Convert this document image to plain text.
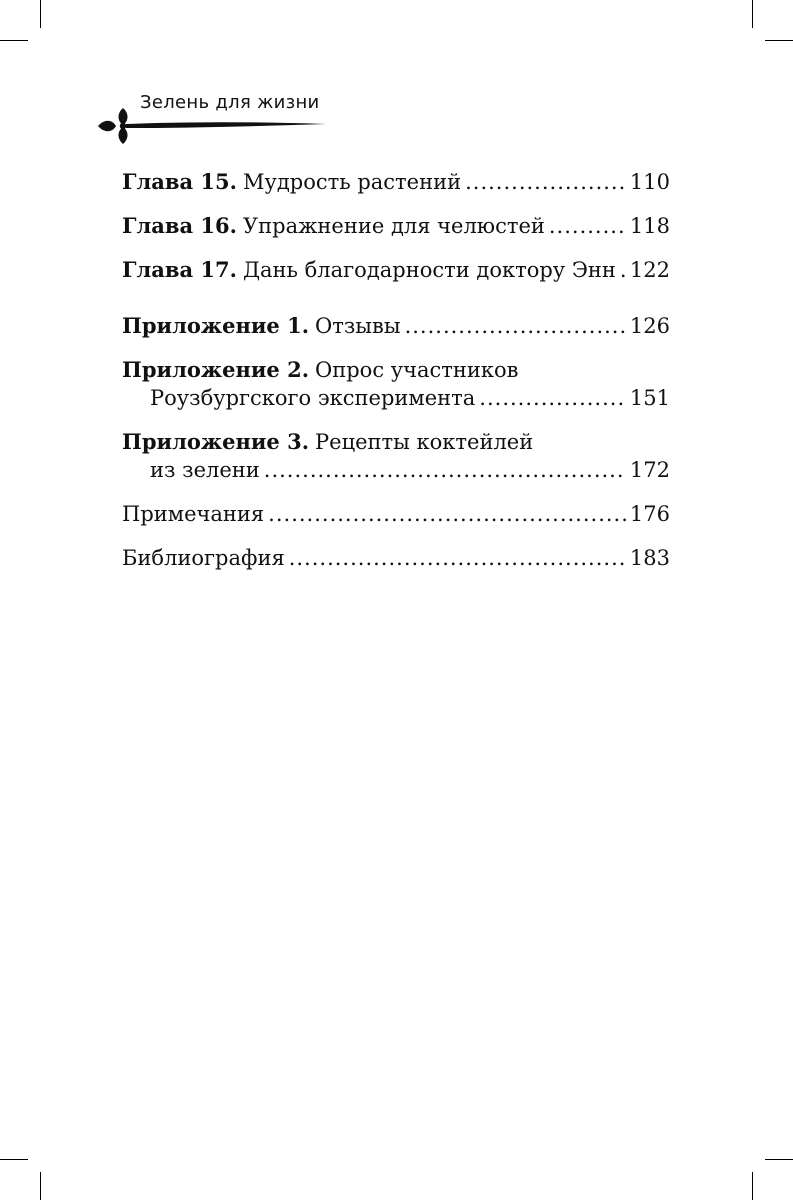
Зелень для жизни
Глава 15. Мудрость растений .....	110
Глава 16. Упражнение для челюстей .....	118
Глава 17. Дань благодарности доктору Энн ..... 122
Приложение 1. Отзывы .....	126
Приложение 2. Опрос участников
Роузбургского эксперимента .....	151
Приложение 3. Рецепты коктейлей
из зелени .....	172
Примечания .....	176
Библиография .....	183
